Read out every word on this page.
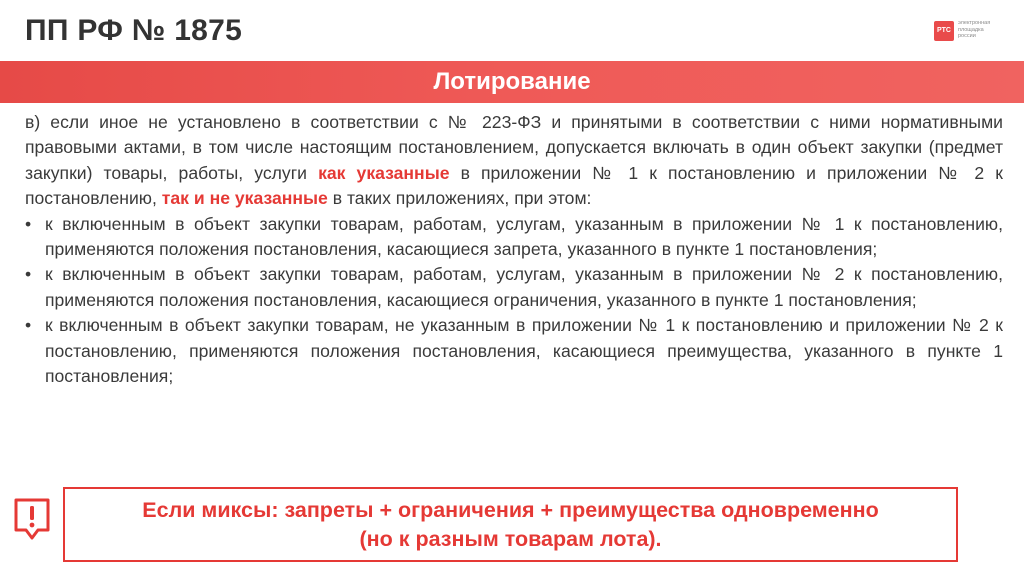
ПП РФ № 1875	РТС
электронная
площадка
россии
Лотирование

в) если иное не установлено в соответствии с № 223-ФЗ и принятыми в соответствии с ними нормативными правовыми актами, в том числе настоящим постановлением, допускается включать в один объект закупки (предмет закупки) товары, работы, услуги как указанные в приложении № 1 к постановлению и приложении № 2 к постановлению, так и не указанные в таких приложениях, при этом:

• к включенным в объект закупки товарам, работам, услугам, указанным в приложении № 1 к постановлению, применяются положения постановления, касающиеся запрета, указанного в пункте 1 постановления;
• к включенным в объект закупки товарам, работам, услугам, указанным в приложении № 2 к постановлению, применяются положения постановления, касающиеся ограничения, указанного в пункте 1 постановления;
• к включенным в объект закупки товарам, не указанным в приложении № 1 к постановлению и приложении № 2 к постановлению, применяются положения постановления, касающиеся преимущества, указанного в пункте 1 постановления;
Если миксы: запреты + ограничения + преимущества одновременно
(но к разным товарам лота).
